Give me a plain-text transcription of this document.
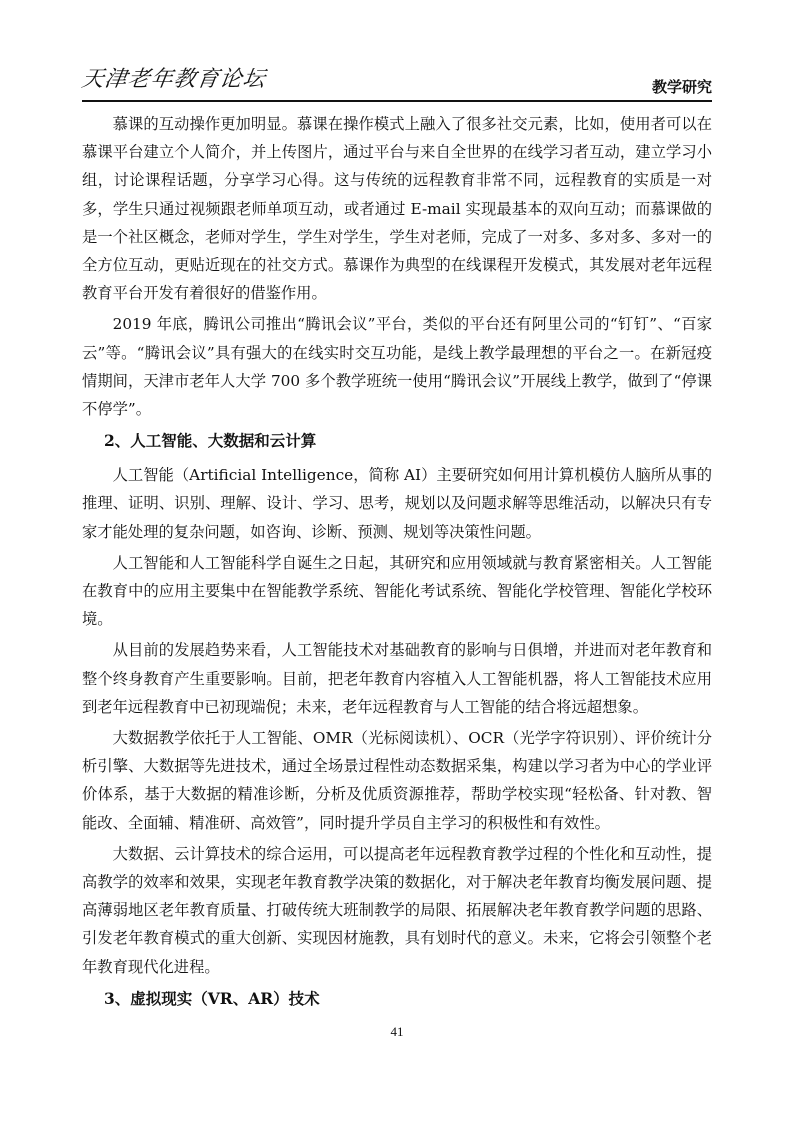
天津老年教育论坛	教学研究

慕课的互动操作更加明显。慕课在操作模式上融入了很多社交元素，比如，使用者可以在慕课平台建立个人简介，并上传图片，通过平台与来自全世界的在线学习者互动，建立学习小组，讨论课程话题，分享学习心得。这与传统的远程教育非常不同，远程教育的实质是一对多，学生只通过视频跟老师单项互动，或者通过 E-mail 实现最基本的双向互动；而慕课做的是一个社区概念，老师对学生，学生对学生，学生对老师，完成了一对多、多对多、多对一的全方位互动，更贴近现在的社交方式。慕课作为典型的在线课程开发模式，其发展对老年远程教育平台开发有着很好的借鉴作用。

2019 年底，腾讯公司推出“腾讯会议”平台，类似的平台还有阿里公司的“钉钉”、“百家云”等。“腾讯会议”具有强大的在线实时交互功能，是线上教学最理想的平台之一。在新冠疫情期间，天津市老年人大学 700 多个教学班统一使用“腾讯会议”开展线上教学，做到了“停课不停学”。

2、人工智能、大数据和云计算

人工智能（Artificial Intelligence，简称 AI）主要研究如何用计算机模仿人脑所从事的推理、证明、识别、理解、设计、学习、思考，规划以及问题求解等思维活动，以解决只有专家才能处理的复杂问题，如咨询、诊断、预测、规划等决策性问题。

人工智能和人工智能科学自诞生之日起，其研究和应用领域就与教育紧密相关。人工智能在教育中的应用主要集中在智能教学系统、智能化考试系统、智能化学校管理、智能化学校环境。

从目前的发展趋势来看，人工智能技术对基础教育的影响与日俱增，并进而对老年教育和整个终身教育产生重要影响。目前，把老年教育内容植入人工智能机器，将人工智能技术应用到老年远程教育中已初现端倪；未来，老年远程教育与人工智能的结合将远超想象。

大数据教学依托于人工智能、OMR（光标阅读机）、OCR（光学字符识别）、评价统计分析引擎、大数据等先进技术，通过全场景过程性动态数据采集，构建以学习者为中心的学业评价体系，基于大数据的精准诊断，分析及优质资源推荐，帮助学校实现“轻松备、针对教、智能改、全面辅、精准研、高效管”，同时提升学员自主学习的积极性和有效性。

大数据、云计算技术的综合运用，可以提高老年远程教育教学过程的个性化和互动性，提高教学的效率和效果，实现老年教育教学决策的数据化，对于解决老年教育均衡发展问题、提高薄弱地区老年教育质量、打破传统大班制教学的局限、拓展解决老年教育教学问题的思路、引发老年教育模式的重大创新、实现因材施教，具有划时代的意义。未来，它将会引领整个老年教育现代化进程。

3、虚拟现实（VR、AR）技术
41
